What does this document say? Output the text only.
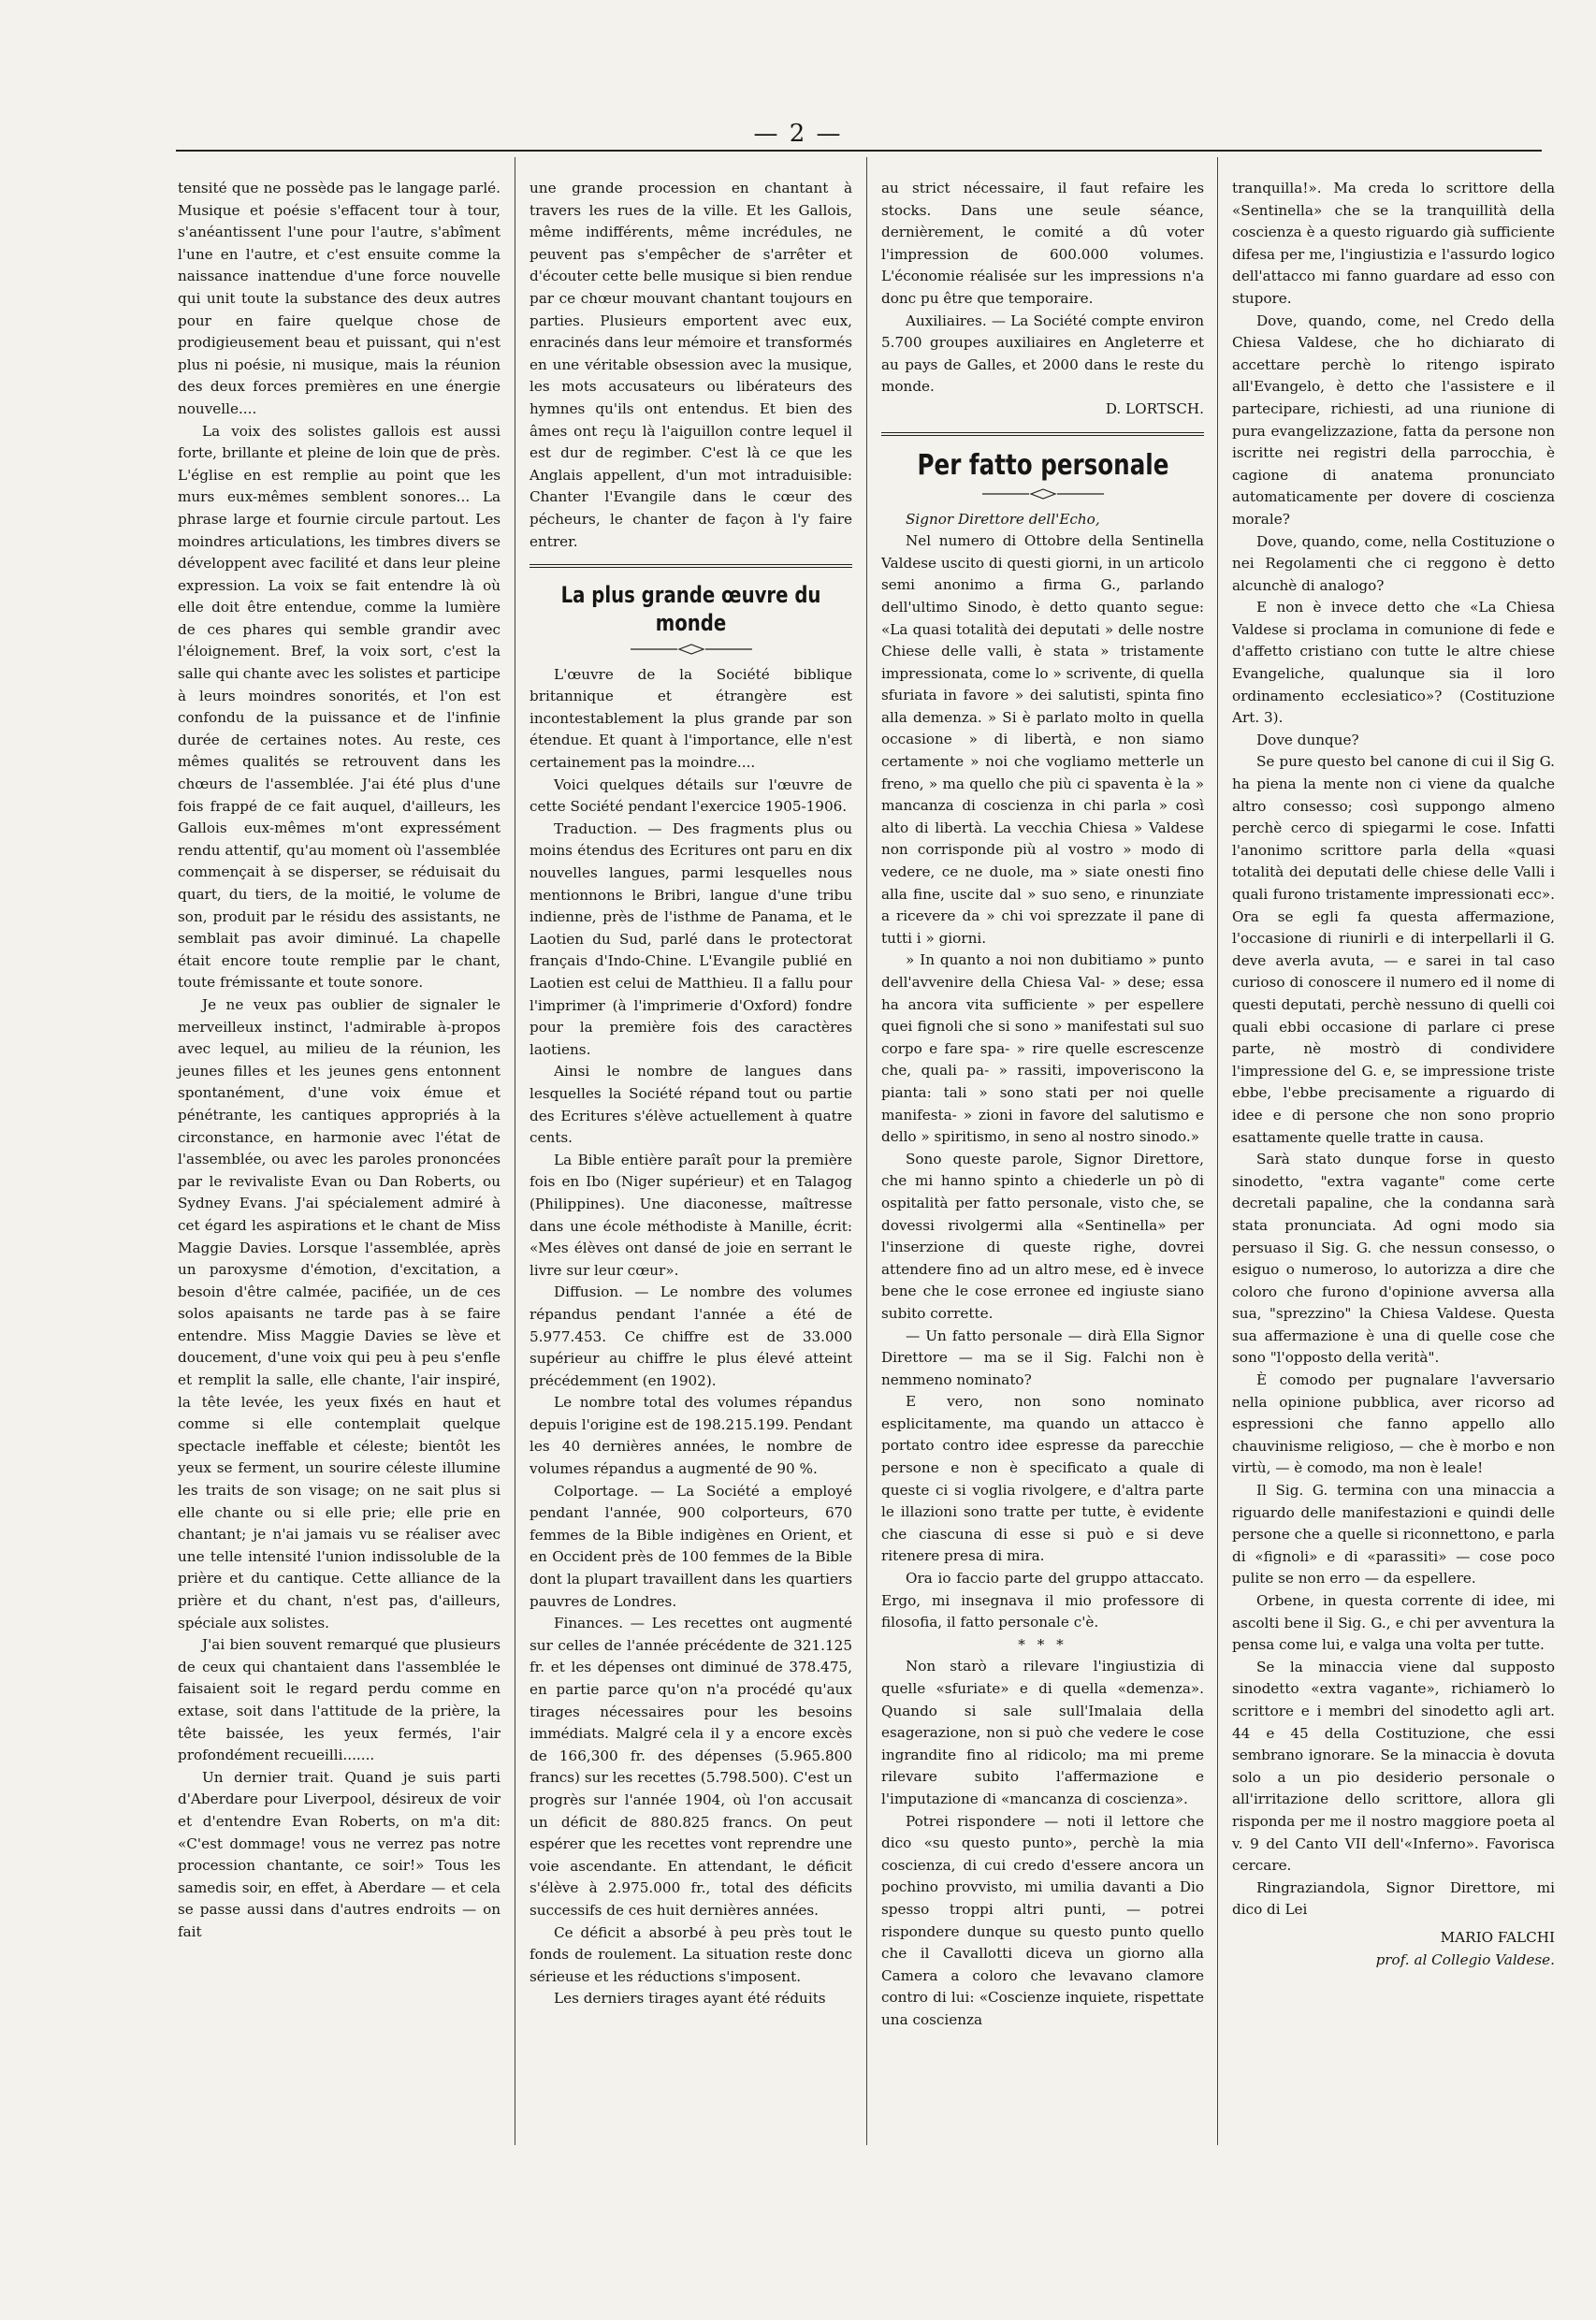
— 2 —

tensité que ne possède pas le langage parlé. Musique et poésie s'effacent tour à tour, s'anéantissent l'une pour l'autre, s'abîment l'une en l'autre, et c'est ensuite comme la naissance inattendue d'une force nouvelle qui unit toute la substance des deux autres pour en faire quelque chose de prodigieusement beau et puissant, qui n'est plus ni poésie, ni musique, mais la réunion des deux forces premières en une énergie nouvelle....

La voix des solistes gallois est aussi forte, brillante et pleine de loin que de près. L'église en est remplie au point que les murs eux-mêmes semblent sonores... La phrase large et fournie circule partout. Les moindres articulations, les timbres divers se développent avec facilité et dans leur pleine expression. La voix se fait entendre là où elle doit être entendue, comme la lumière de ces phares qui semble grandir avec l'éloignement. Bref, la voix sort, c'est la salle qui chante avec les solistes et participe à leurs moindres sonorités, et l'on est confondu de la puissance et de l'infinie durée de certaines notes. Au reste, ces mêmes qualités se retrouvent dans les chœurs de l'assemblée. J'ai été plus d'une fois frappé de ce fait auquel, d'ailleurs, les Gallois eux-mêmes m'ont expressément rendu attentif, qu'au moment où l'assemblée commençait à se disperser, se réduisait du quart, du tiers, de la moitié, le volume de son, produit par le résidu des assistants, ne semblait pas avoir diminué. La chapelle était encore toute remplie par le chant, toute frémissante et toute sonore.

Je ne veux pas oublier de signaler le merveilleux instinct, l'admirable à-propos avec lequel, au milieu de la réunion, les jeunes filles et les jeunes gens entonnent spontanément, d'une voix émue et pénétrante, les cantiques appropriés à la circonstance, en harmonie avec l'état de l'assemblée, ou avec les paroles prononcées par le revivaliste Evan ou Dan Roberts, ou Sydney Evans. J'ai spécialement admiré à cet égard les aspirations et le chant de Miss Maggie Davies. Lorsque l'assemblée, après un paroxysme d'émotion, d'excitation, a besoin d'être calmée, pacifiée, un de ces solos apaisants ne tarde pas à se faire entendre. Miss Maggie Davies se lève et doucement, d'une voix qui peu à peu s'enfle et remplit la salle, elle chante, l'air inspiré, la tête levée, les yeux fixés en haut et comme si elle contemplait quelque spectacle ineffable et céleste; bientôt les yeux se ferment, un sourire céleste illumine les traits de son visage; on ne sait plus si elle chante ou si elle prie; elle prie en chantant; je n'ai jamais vu se réaliser avec une telle intensité l'union indissoluble de la prière et du cantique. Cette alliance de la prière et du chant, n'est pas, d'ailleurs, spéciale aux solistes.

J'ai bien souvent remarqué que plusieurs de ceux qui chantaient dans l'assemblée le faisaient soit le regard perdu comme en extase, soit dans l'attitude de la prière, la tête baissée, les yeux fermés, l'air profondément recueilli.......

Un dernier trait. Quand je suis parti d'Aberdare pour Liverpool, désireux de voir et d'entendre Evan Roberts, on m'a dit: «C'est dommage! vous ne verrez pas notre procession chantante, ce soir!» Tous les samedis soir, en effet, à Aberdare — et cela se passe aussi dans d'autres endroits — on fait

une grande procession en chantant à travers les rues de la ville. Et les Gallois, même indifférents, même incrédules, ne peuvent pas s'empêcher de s'arrêter et d'écouter cette belle musique si bien rendue par ce chœur mouvant chantant toujours en parties. Plusieurs emportent avec eux, enracinés dans leur mémoire et transformés en une véritable obsession avec la musique, les mots accusateurs ou libérateurs des hymnes qu'ils ont entendus. Et bien des âmes ont reçu là l'aiguillon contre lequel il est dur de regimber. C'est là ce que les Anglais appellent, d'un mot intraduisible: Chanter l'Evangile dans le cœur des pécheurs, le chanter de façon à l'y faire entrer.

La plus grande œuvre du monde

L'œuvre de la Société biblique britannique et étrangère est incontestablement la plus grande par son étendue. Et quant à l'importance, elle n'est certainement pas la moindre....

Voici quelques détails sur l'œuvre de cette Société pendant l'exercice 1905-1906.

Traduction. — Des fragments plus ou moins étendus des Ecritures ont paru en dix nouvelles langues, parmi lesquelles nous mentionnons le Bribri, langue d'une tribu indienne, près de l'isthme de Panama, et le Laotien du Sud, parlé dans le protectorat français d'Indo-Chine. L'Evangile publié en Laotien est celui de Matthieu. Il a fallu pour l'imprimer (à l'imprimerie d'Oxford) fondre pour la première fois des caractères laotiens.

Ainsi le nombre de langues dans lesquelles la Société répand tout ou partie des Ecritures s'élève actuellement à quatre cents.

La Bible entière paraît pour la première fois en Ibo (Niger supérieur) et en Talagog (Philippines). Une diaconesse, maîtresse dans une école méthodiste à Manille, écrit: «Mes élèves ont dansé de joie en serrant le livre sur leur cœur».

Diffusion. — Le nombre des volumes répandus pendant l'année a été de 5.977.453. Ce chiffre est de 33.000 supérieur au chiffre le plus élevé atteint précédemment (en 1902).

Le nombre total des volumes répandus depuis l'origine est de 198.215.199. Pendant les 40 dernières années, le nombre de volumes répandus a augmenté de 90 %.

Colportage. — La Société a employé pendant l'année, 900 colporteurs, 670 femmes de la Bible indigènes en Orient, et en Occident près de 100 femmes de la Bible dont la plupart travaillent dans les quartiers pauvres de Londres.

Finances. — Les recettes ont augmenté sur celles de l'année précédente de 321.125 fr. et les dépenses ont diminué de 378.475, en partie parce qu'on n'a procédé qu'aux tirages nécessaires pour les besoins immédiats. Malgré cela il y a encore excès de 166,300 fr. des dépenses (5.965.800 francs) sur les recettes (5.798.500). C'est un progrès sur l'année 1904, où l'on accusait un déficit de 880.825 francs. On peut espérer que les recettes vont reprendre une voie ascendante. En attendant, le déficit s'élève à 2.975.000 fr., total des déficits successifs de ces huit dernières années.

Ce déficit a absorbé à peu près tout le fonds de roulement. La situation reste donc sérieuse et les réductions s'imposent.

Les derniers tirages ayant été réduits

au strict nécessaire, il faut refaire les stocks. Dans une seule séance, dernièrement, le comité a dû voter l'impression de 600.000 volumes. L'économie réalisée sur les impressions n'a donc pu être que temporaire.

Auxiliaires. — La Société compte environ 5.700 groupes auxiliaires en Angleterre et au pays de Galles, et 2000 dans le reste du monde.

D. LORTSCH.

Per fatto personale

Signor Direttore dell'Echo,

Nel numero di Ottobre della Sentinella Valdese uscito di questi giorni, in un articolo semi anonimo a firma G., parlando dell'ultimo Sinodo, è detto quanto segue: «La quasi totalità dei deputati » delle nostre Chiese delle valli, è stata » tristamente impressionata, come lo » scrivente, di quella sfuriata in favore » dei salutisti, spinta fino alla demenza. » Si è parlato molto in quella occasione » di libertà, e non siamo certamente » noi che vogliamo metterle un freno, » ma quello che più ci spaventa è la » mancanza di coscienza in chi parla » così alto di libertà. La vecchia Chiesa » Valdese non corrisponde più al vostro » modo di vedere, ce ne duole, ma » siate onesti fino alla fine, uscite dal » suo seno, e rinunziate a ricevere da » chi voi sprezzate il pane di tutti i » giorni.

» In quanto a noi non dubitiamo » punto dell'avvenire della Chiesa Val- » dese; essa ha ancora vita sufficiente » per espellere quei fignoli che si sono » manifestati sul suo corpo e fare spa- » rire quelle escrescenze che, quali pa- » rassiti, impoveriscono la pianta: tali » sono stati per noi quelle manifesta- » zioni in favore del salutismo e dello » spiritismo, in seno al nostro sinodo.»

Sono queste parole, Signor Direttore, che mi hanno spinto a chiederle un pò di ospitalità per fatto personale, visto che, se dovessi rivolgermi alla «Sentinella» per l'inserzione di queste righe, dovrei attendere fino ad un altro mese, ed è invece bene che le cose erronee ed ingiuste siano subito corrette.

— Un fatto personale — dirà Ella Signor Direttore — ma se il Sig. Falchi non è nemmeno nominato?

E vero, non sono nominato esplicitamente, ma quando un attacco è portato contro idee espresse da parecchie persone e non è specificato a quale di queste ci si voglia rivolgere, e d'altra parte le illazioni sono tratte per tutte, è evidente che ciascuna di esse si può e si deve ritenere presa di mira.

Ora io faccio parte del gruppo attaccato. Ergo, mi insegnava il mio professore di filosofia, il fatto personale c'è.

* * *

Non starò a rilevare l'ingiustizia di quelle «sfuriate» e di quella «demenza». Quando si sale sull'Imalaia della esagerazione, non si può che vedere le cose ingrandite fino al ridicolo; ma mi preme rilevare subito l'affermazione e l'imputazione di «mancanza di coscienza».

Potrei rispondere — noti il lettore che dico «su questo punto», perchè la mia coscienza, di cui credo d'essere ancora un pochino provvisto, mi umilia davanti a Dio spesso troppi altri punti, — potrei rispondere dunque su questo punto quello che il Cavallotti diceva un giorno alla Camera a coloro che levavano clamore contro di lui: «Coscienze inquiete, rispettate una coscienza

tranquilla!». Ma creda lo scrittore della «Sentinella» che se la tranquillità della coscienza è a questo riguardo già sufficiente difesa per me, l'ingiustizia e l'assurdo logico dell'attacco mi fanno guardare ad esso con stupore.

Dove, quando, come, nel Credo della Chiesa Valdese, che ho dichiarato di accettare perchè lo ritengo ispirato all'Evangelo, è detto che l'assistere e il partecipare, richiesti, ad una riunione di pura evangelizzazione, fatta da persone non iscritte nei registri della parrocchia, è cagione di anatema pronunciato automaticamente per dovere di coscienza morale?

Dove, quando, come, nella Costituzione o nei Regolamenti che ci reggono è detto alcunchè di analogo?

E non è invece detto che «La Chiesa Valdese si proclama in comunione di fede e d'affetto cristiano con tutte le altre chiese Evangeliche, qualunque sia il loro ordinamento ecclesiatico»? (Costituzione Art. 3).

Dove dunque?

Se pure questo bel canone di cui il Sig G. ha piena la mente non ci viene da qualche altro consesso; così suppongo almeno perchè cerco di spiegarmi le cose. Infatti l'anonimo scrittore parla della «quasi totalità dei deputati delle chiese delle Valli i quali furono tristamente impressionati ecc». Ora se egli fa questa affermazione, l'occasione di riunirli e di interpellarli il G. deve averla avuta, — e sarei in tal caso curioso di conoscere il numero ed il nome di questi deputati, perchè nessuno di quelli coi quali ebbi occasione di parlare ci prese parte, nè mostrò di condividere l'impressione del G. e, se impressione triste ebbe, l'ebbe precisamente a riguardo di idee e di persone che non sono proprio esattamente quelle tratte in causa.

Sarà stato dunque forse in questo sinodetto, "extra vagante" come certe decretali papaline, che la condanna sarà stata pronunciata. Ad ogni modo sia persuaso il Sig. G. che nessun consesso, o esiguo o numeroso, lo autorizza a dire che coloro che furono d'opinione avversa alla sua, "sprezzino" la Chiesa Valdese. Questa sua affermazione è una di quelle cose che sono "l'opposto della verità".

È comodo per pugnalare l'avversario nella opinione pubblica, aver ricorso ad espressioni che fanno appello allo chauvinisme religioso, — che è morbo e non virtù, — è comodo, ma non è leale!

Il Sig. G. termina con una minaccia a riguardo delle manifestazioni e quindi delle persone che a quelle si riconnettono, e parla di «fignoli» e di «parassiti» — cose poco pulite se non erro — da espellere.

Orbene, in questa corrente di idee, mi ascolti bene il Sig. G., e chi per avventura la pensa come lui, e valga una volta per tutte.

Se la minaccia viene dal supposto sinodetto «extra vagante», richiamerò lo scrittore e i membri del sinodetto agli art. 44 e 45 della Costituzione, che essi sembrano ignorare. Se la minaccia è dovuta solo a un pio desiderio personale o all'irritazione dello scrittore, allora gli risponda per me il nostro maggiore poeta al v. 9 del Canto VII dell'«Inferno». Favorisca cercare.

Ringraziandola, Signor Direttore, mi dico di Lei

MARIO FALCHI

prof. al Collegio Valdese.
